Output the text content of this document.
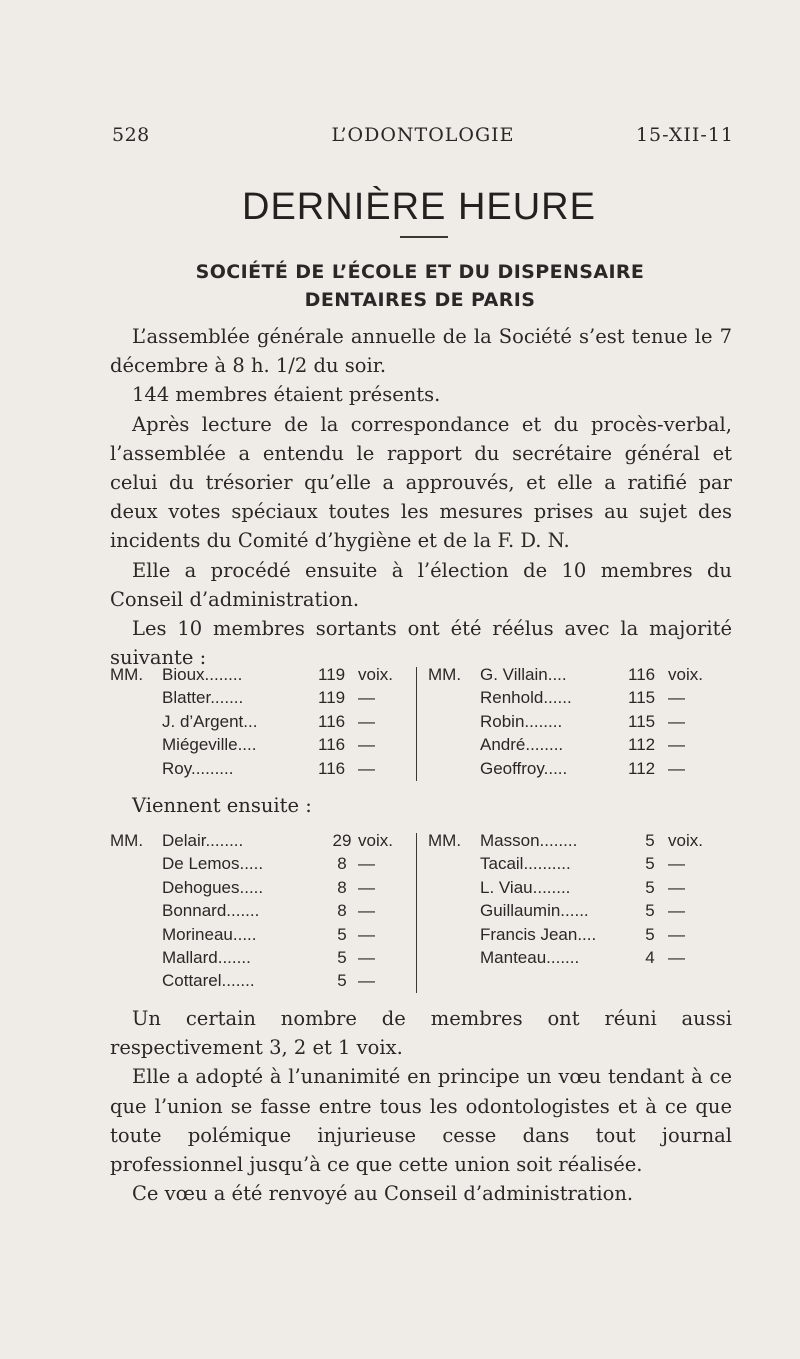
528	L’ODONTOLOGIE	15-XII-11
DERNIÈRE HEURE
SOCIÉTÉ DE L’ÉCOLE ET DU DISPENSAIRE
DENTAIRES DE PARIS

L’assemblée générale annuelle de la Société s’est tenue le 7 décembre à 8 h. 1/2 du soir.

144 membres étaient présents.

Après lecture de la correspondance et du procès-verbal, l’assemblée a entendu le rapport du secrétaire général et celui du trésorier qu’elle a approuvés, et elle a ratifié par deux votes spéciaux toutes les mesures prises au sujet des incidents du Comité d’hygiène et de la F. D. N.

Elle a procédé ensuite à l’élection de 10 membres du Conseil d’administration.

Les 10 membres sortants ont été réélus avec la majorité suivante :

MM. Bioux........	119 voix.
Blatter.......	119 —
J. d’Argent...	116 —
Miégeville....	116 —
Roy.........	116 —
MM. G. Villain....	116 voix.
Renhold......	115 —
Robin........	115 —
André........	112 —
Geoffroy.....	112 —
Viennent ensuite :
MM. Delair........	29 voix.
De Lemos.....	8 —
Dehogues.....	8 —
Bonnard.......	8 —
Morineau.....	5 —
Mallard.......	5 —
Cottarel.......	5 —
MM. Masson........	5 voix.
Tacail..........	5 —
L. Viau........	5 —
Guillaumin......	5 —
Francis Jean....	5 —
Manteau.......	4 —

Un certain nombre de membres ont réuni aussi respectivement 3, 2 et 1 voix.

Elle a adopté à l’unanimité en principe un vœu tendant à ce que l’union se fasse entre tous les odontologistes et à ce que toute polémique injurieuse cesse dans tout journal professionnel jusqu’à ce que cette union soit réalisée.

Ce vœu a été renvoyé au Conseil d’administration.
